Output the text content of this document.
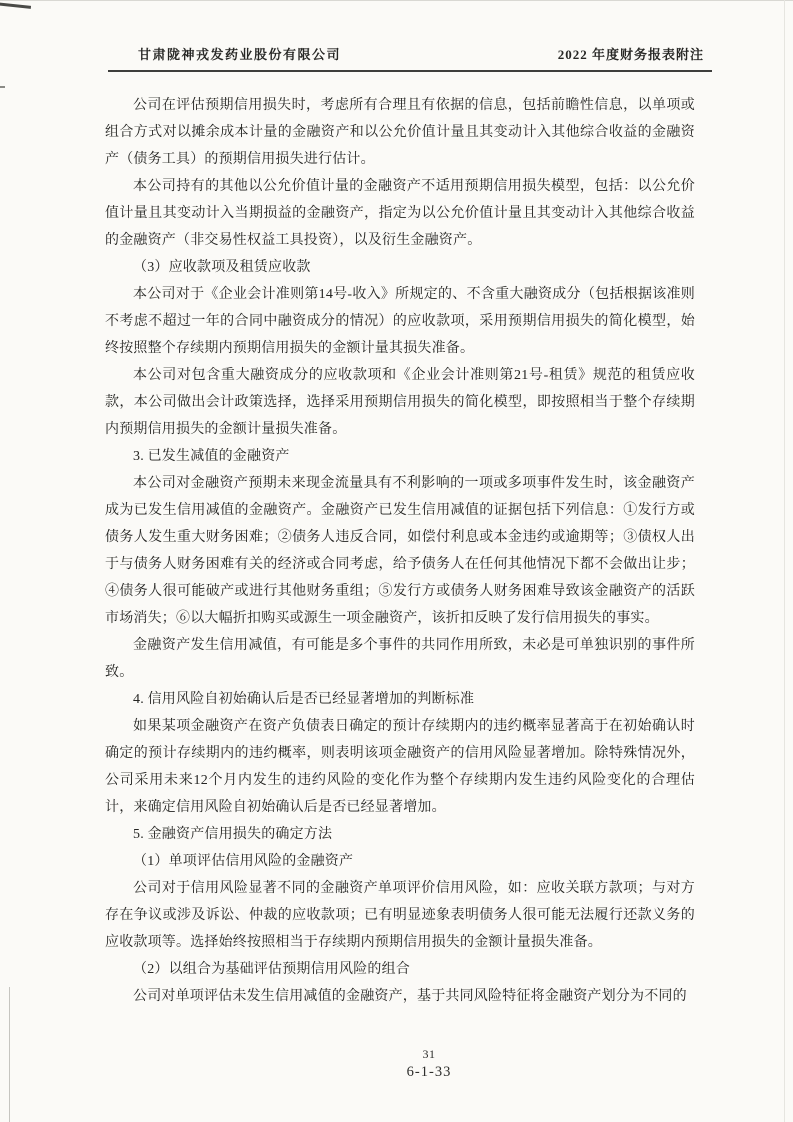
甘肃陇神戎发药业股份有限公司	2022 年度财务报表附注

公司在评估预期信用损失时，考虑所有合理且有依据的信息，包括前瞻性信息，以单项或组合方式对以摊余成本计量的金融资产和以公允价值计量且其变动计入其他综合收益的金融资产（债务工具）的预期信用损失进行估计。

本公司持有的其他以公允价值计量的金融资产不适用预期信用损失模型，包括：以公允价值计量且其变动计入当期损益的金融资产，指定为以公允价值计量且其变动计入其他综合收益的金融资产（非交易性权益工具投资），以及衍生金融资产。

（3）应收款项及租赁应收款

本公司对于《企业会计准则第14号-收入》所规定的、不含重大融资成分（包括根据该准则不考虑不超过一年的合同中融资成分的情况）的应收款项，采用预期信用损失的简化模型，始终按照整个存续期内预期信用损失的金额计量其损失准备。

本公司对包含重大融资成分的应收款项和《企业会计准则第21号-租赁》规范的租赁应收款，本公司做出会计政策选择，选择采用预期信用损失的简化模型，即按照相当于整个存续期内预期信用损失的金额计量损失准备。

3. 已发生减值的金融资产

本公司对金融资产预期未来现金流量具有不利影响的一项或多项事件发生时，该金融资产成为已发生信用减值的金融资产。金融资产已发生信用减值的证据包括下列信息：①发行方或债务人发生重大财务困难；②债务人违反合同，如偿付利息或本金违约或逾期等；③债权人出于与债务人财务困难有关的经济或合同考虑，给予债务人在任何其他情况下都不会做出让步；④债务人很可能破产或进行其他财务重组；⑤发行方或债务人财务困难导致该金融资产的活跃市场消失；⑥以大幅折扣购买或源生一项金融资产，该折扣反映了发行信用损失的事实。

金融资产发生信用减值，有可能是多个事件的共同作用所致，未必是可单独识别的事件所致。

4. 信用风险自初始确认后是否已经显著增加的判断标准

如果某项金融资产在资产负债表日确定的预计存续期内的违约概率显著高于在初始确认时确定的预计存续期内的违约概率，则表明该项金融资产的信用风险显著增加。除特殊情况外，公司采用未来12个月内发生的违约风险的变化作为整个存续期内发生违约风险变化的合理估计，来确定信用风险自初始确认后是否已经显著增加。

5. 金融资产信用损失的确定方法

（1）单项评估信用风险的金融资产

公司对于信用风险显著不同的金融资产单项评价信用风险，如：应收关联方款项；与对方存在争议或涉及诉讼、仲裁的应收款项；已有明显迹象表明债务人很可能无法履行还款义务的应收款项等。选择始终按照相当于存续期内预期信用损失的金额计量损失准备。

（2）以组合为基础评估预期信用风险的组合

公司对单项评估未发生信用减值的金融资产，基于共同风险特征将金融资产划分为不同的

31
6-1-33
